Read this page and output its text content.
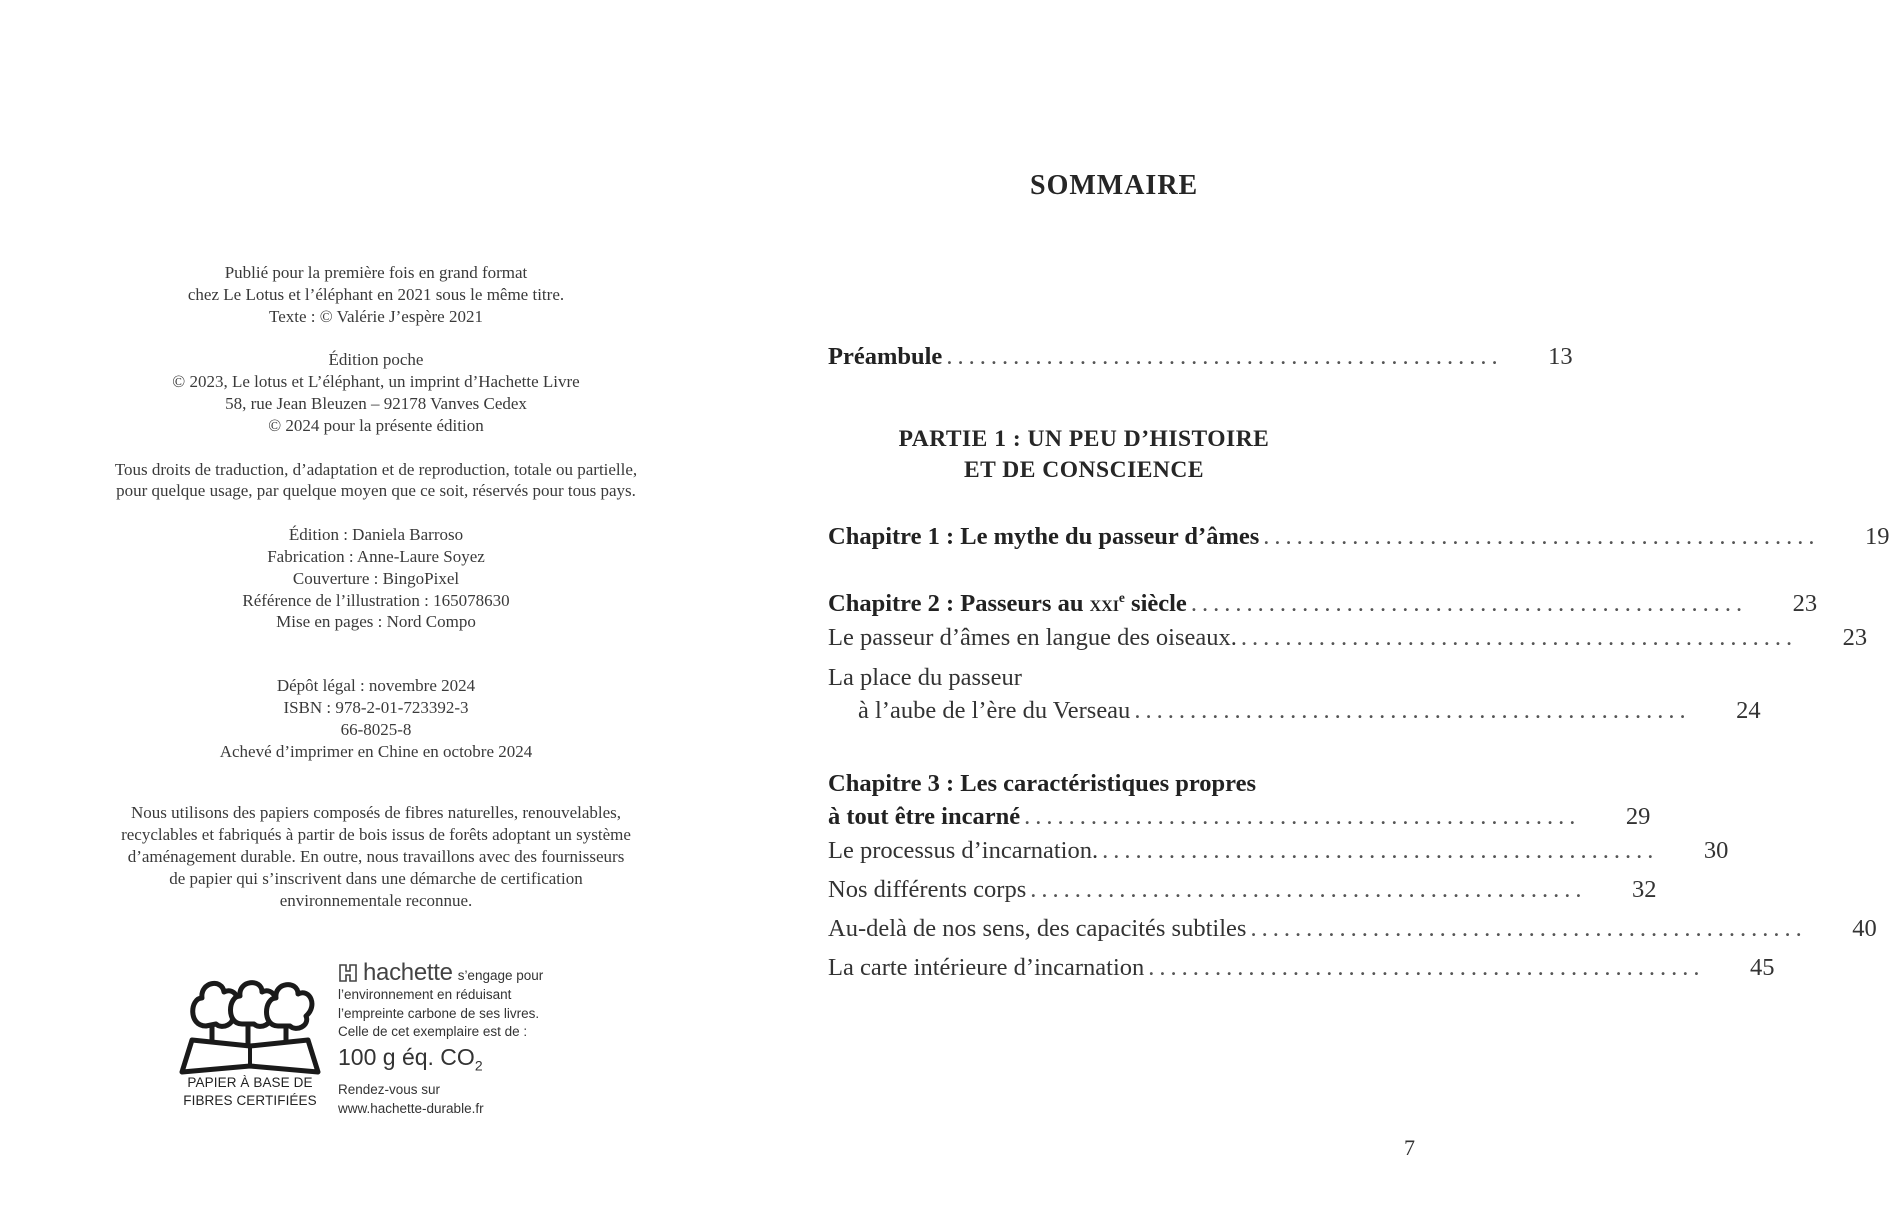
Publié pour la première fois en grand format
chez Le Lotus et l’éléphant en 2021 sous le même titre.
Texte : © Valérie J’espère 2021
Édition poche
© 2023, Le lotus et L’éléphant, un imprint d’Hachette Livre
58, rue Jean Bleuzen – 92178 Vanves Cedex
© 2024 pour la présente édition
Tous droits de traduction, d’adaptation et de reproduction, totale ou partielle,
pour quelque usage, par quelque moyen que ce soit, réservés pour tous pays.
Édition : Daniela Barroso
Fabrication : Anne-Laure Soyez
Couverture : BingoPixel
Référence de l’illustration : 165078630
Mise en pages : Nord Compo
Dépôt légal : novembre 2024
ISBN : 978-2-01-723392-3
66-8025-8
Achevé d’imprimer en Chine en octobre 2024
Nous utilisons des papiers composés de fibres naturelles, renouvelables,
recyclables et fabriqués à partir de bois issus de forêts adoptant un système
d’aménagement durable. En outre, nous travaillons avec des fournisseurs
de papier qui s’inscrivent dans une démarche de certification
environnementale reconnue.
PAPIER À BASE DE
FIBRES CERTIFIÉES
hachette s’engage pour
l’environnement en réduisant
l’empreinte carbone de ses livres.
Celle de cet exemplaire est de :
100 g éq. $CO_2$
Rendez-vous sur
www.hachette-durable.fr
SOMMAIRE
Préambule ..................................................	13
PARTIE 1 : UN PEU D’HISTOIRE
ET DE CONSCIENCE
Chapitre 1 : Le mythe du passeur d’âmes ..................................................	19
Chapitre 2 : Passeurs au xxi$^e$ siècle ..................................................	23
Le passeur d’âmes en langue des oiseaux. ..................................................	23
La place du passeur
à l’aube de l’ère du Verseau ..................................................	24
Chapitre 3 : Les caractéristiques propres
à tout être incarné ..................................................	29
Le processus d’incarnation. ..................................................	30
Nos différents corps ..................................................	32
Au-delà de nos sens, des capacités subtiles ..................................................	40
La carte intérieure d’incarnation ..................................................	45
7
